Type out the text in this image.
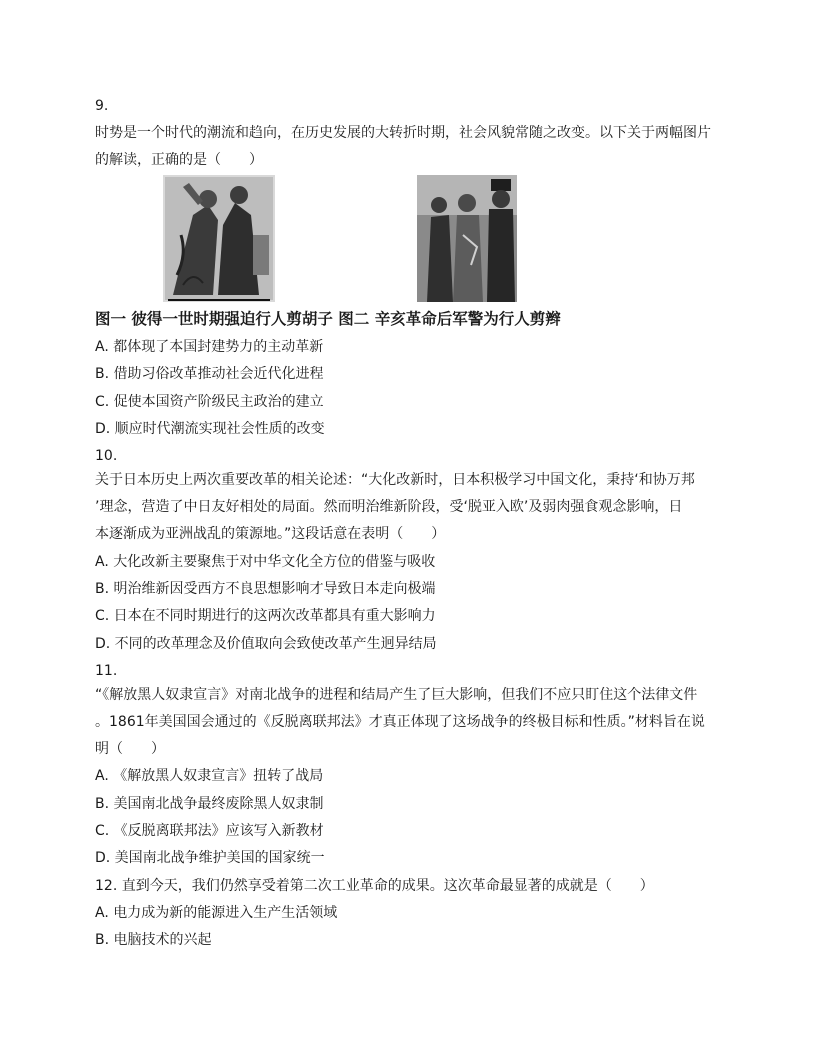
9.
时势是一个时代的潮流和趋向，在历史发展的大转折时期，社会风貌常随之改变。以下关于两幅图片
的解读，正确的是（　　）
图一 彼得一世时期强迫行人剪胡子 图二 辛亥革命后军警为行人剪辫
A. 都体现了本国封建势力的主动革新
B. 借助习俗改革推动社会近代化进程
C. 促使本国资产阶级民主政治的建立
D. 顺应时代潮流实现社会性质的改变
10.
关于日本历史上两次重要改革的相关论述：“大化改新时，日本积极学习中国文化，秉持‘和协万邦
’理念，营造了中日友好相处的局面。然而明治维新阶段，受‘脱亚入欧’及弱肉强食观念影响，日
本逐渐成为亚洲战乱的策源地。”这段话意在表明（　　）
A. 大化改新主要聚焦于对中华文化全方位的借鉴与吸收
B. 明治维新因受西方不良思想影响才导致日本走向极端
C. 日本在不同时期进行的这两次改革都具有重大影响力
D. 不同的改革理念及价值取向会致使改革产生迥异结局
11.
“《解放黑人奴隶宣言》对南北战争的进程和结局产生了巨大影响，但我们不应只盯住这个法律文件
。1861年美国国会通过的《反脱离联邦法》才真正体现了这场战争的终极目标和性质。”材料旨在说
明（　　）
A. 《解放黑人奴隶宣言》扭转了战局
B. 美国南北战争最终废除黑人奴隶制
C. 《反脱离联邦法》应该写入新教材
D. 美国南北战争维护美国的国家统一
12. 直到今天，我们仍然享受着第二次工业革命的成果。这次革命最显著的成就是（　　）
A. 电力成为新的能源进入生产生活领域
B. 电脑技术的兴起
